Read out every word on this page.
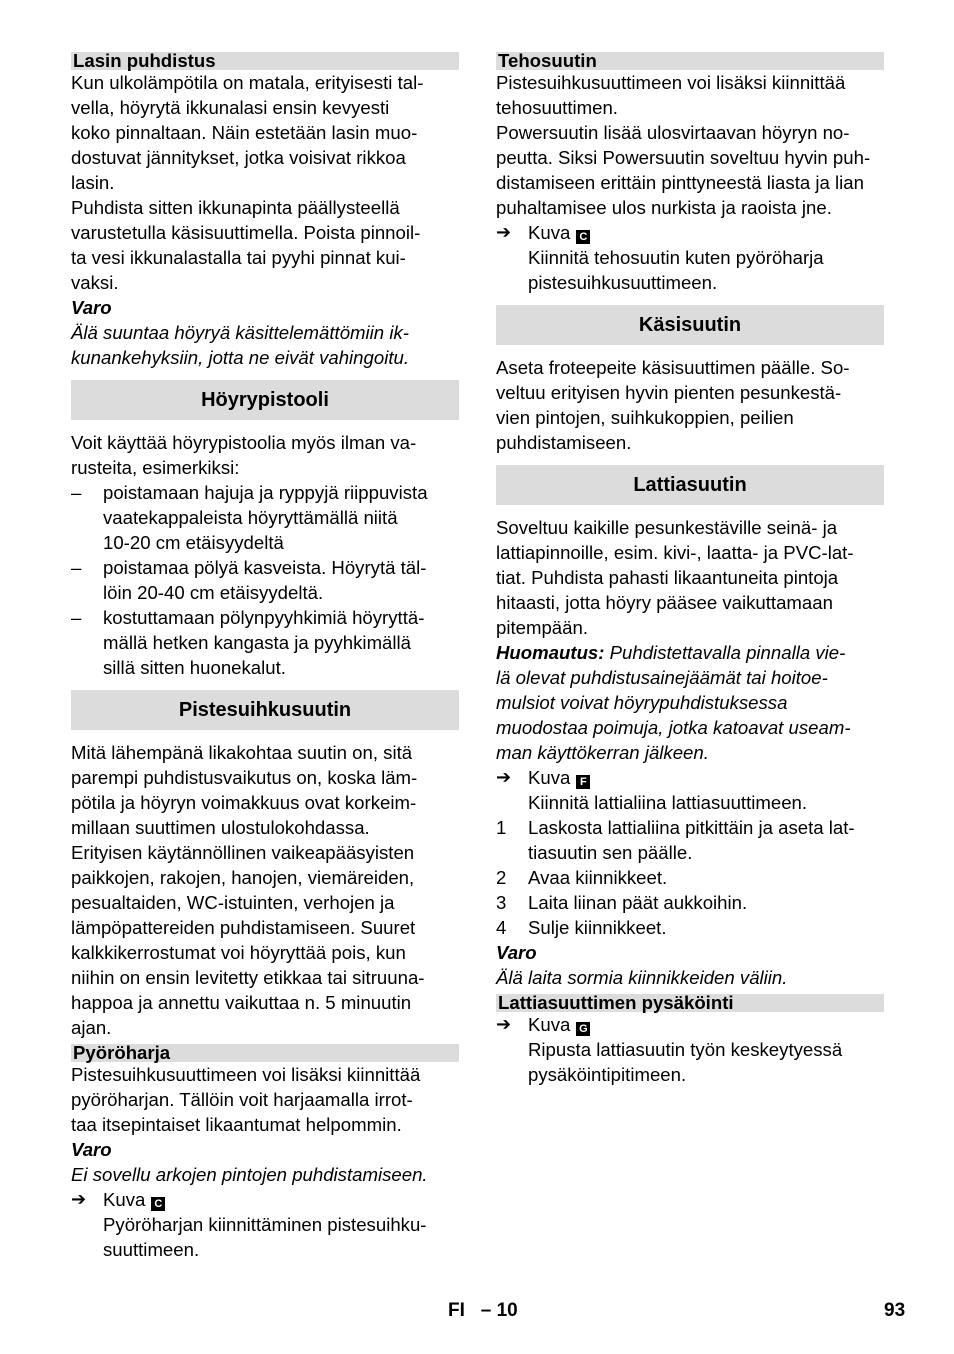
Lasin puhdistus
Kun ulkolämpötila on matala, erityisesti tal-
vella, höyrytä ikkunalasi ensin kevyesti
koko pinnaltaan. Näin estetään lasin muo-
dostuvat jännitykset, jotka voisivat rikkoa
lasin.
Puhdista sitten ikkunapinta päällysteellä
varustetulla käsisuuttimella. Poista pinnoil-
ta vesi ikkunalastalla tai pyyhi pinnat kui-
vaksi.
Varo
Älä suuntaa höyryä käsittelemättömiin ik-
kunankehyksiin, jotta ne eivät vahingoitu.
Höyrypistooli
Voit käyttää höyrypistoolia myös ilman va-
rusteita, esimerkiksi:
–	poistamaan hajuja ja ryppyjä riippuvista
vaatekappaleista höyryttämällä niitä
10-20 cm etäisyydeltä
–	poistamaa pölyä kasveista. Höyrytä täl-
löin 20-40 cm etäisyydeltä.
–	kostuttamaan pölynpyyhkimiä höyryttä-
mällä hetken kangasta ja pyyhkimällä
sillä sitten huonekalut.
Pistesuihkusuutin
Mitä lähempänä likakohtaa suutin on, sitä
parempi puhdistusvaikutus on, koska läm-
pötila ja höyryn voimakkuus ovat korkeim-
millaan suuttimen ulostulokohdassa.
Erityisen käytännöllinen vaikeapääsyisten
paikkojen, rakojen, hanojen, viemäreiden,
pesualtaiden, WC-istuinten, verhojen ja
lämpöpattereiden puhdistamiseen. Suuret
kalkkikerrostumat voi höyryttää pois, kun
niihin on ensin levitetty etikkaa tai sitruuna-
happoa ja annettu vaikuttaa n. 5 minuutin
ajan.
Pyöröharja
Pistesuihkusuuttimeen voi lisäksi kiinnittää
pyöröharjan. Tällöin voit harjaamalla irrot-
taa itsepintaiset likaantumat helpommin.
Varo
Ei sovellu arkojen pintojen puhdistamiseen.
➔ Kuva C
Pyöröharjan kiinnittäminen pistesuihku-
suuttimeen.
Tehosuutin
Pistesuihkusuuttimeen voi lisäksi kiinnittää
tehosuuttimen.
Powersuutin lisää ulosvirtaavan höyryn no-
peutta. Siksi Powersuutin soveltuu hyvin puh-
distamiseen erittäin pinttyneestä liasta ja lian
puhaltamisee ulos nurkista ja raoista jne.
➔ Kuva C
Kiinnitä tehosuutin kuten pyöröharja
pistesuihkusuuttimeen.
Käsisuutin
Aseta froteepeite käsisuuttimen päälle. So-
veltuu erityisen hyvin pienten pesunkestä-
vien pintojen, suihkukoppien, peilien
puhdistamiseen.
Lattiasuutin
Soveltuu kaikille pesunkestäville seinä- ja
lattiapinnoille, esim. kivi-, laatta- ja PVC-lat-
tiat. Puhdista pahasti likaantuneita pintoja
hitaasti, jotta höyry pääsee vaikuttamaan
pitempään.
Huomautus: Puhdistettavalla pinnalla vie-
lä olevat puhdistusainejäämät tai hoitoe-
mulsiot voivat höyrypuhdistuksessa
muodostaa poimuja, jotka katoavat useam-
man käyttökerran jälkeen.
➔ Kuva F
Kiinnitä lattialiina lattiasuuttimeen.
1	Laskosta lattialiina pitkittäin ja aseta lat-
tiasuutin sen päälle.
2	Avaa kiinnikkeet.
3	Laita liinan päät aukkoihin.
4	Sulje kiinnikkeet.
Varo
Älä laita sormia kiinnikkeiden väliin.
Lattiasuuttimen pysäköinti
➔ Kuva G
Ripusta lattiasuutin työn keskeytyessä
pysäköintipitimeen.
FI – 10	93
